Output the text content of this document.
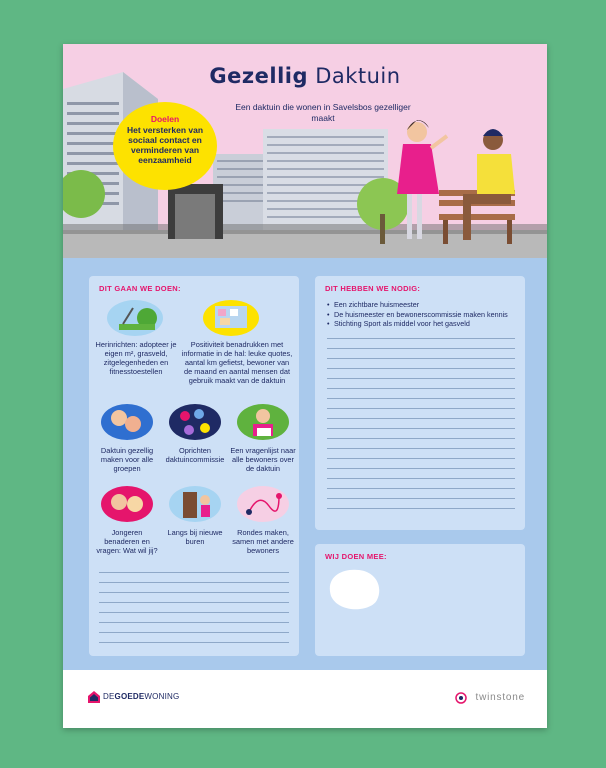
Gezellig Daktuin
Een daktuin die wonen in Savelsbos gezelliger maakt
Doelen
Het versterken van sociaal contact en verminderen van eenzaamheid
DIT GAAN WE DOEN:
Herinrichten: adopteer je eigen m², grasveld, zitgelegenheden en fitnesstoestellen
Positiviteit benadrukken met informatie in de hal: leuke quotes, aantal km gefietst, bewoner van de maand en aantal mensen dat gebruik maakt van de daktuin
Daktuin gezellig maken voor alle groepen
Oprichten daktuincommissie
Een vragenlijst naar alle bewoners over de daktuin
Jongeren benaderen en vragen: Wat wil jij?
Langs bij nieuwe buren
Rondes maken, samen met andere bewoners
DIT HEBBEN WE NODIG:
• Een zichtbare huismeester
• De huismeester en bewonerscommissie maken kennis
• Stichting Sport als middel voor het gasveld
WIJ DOEN MEE:
DEGOEDEWONING	twinstone
